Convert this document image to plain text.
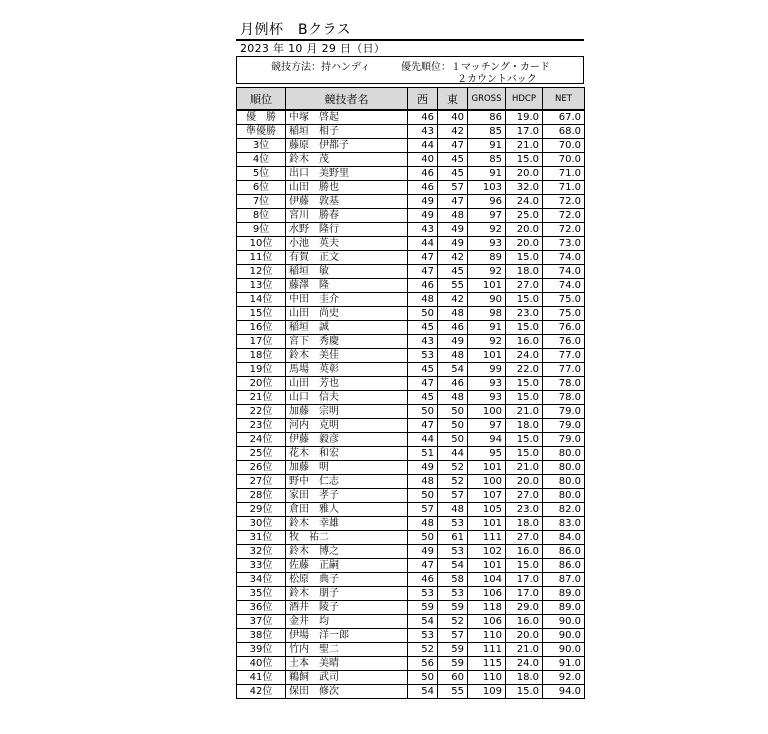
月例杯　Bクラス
2023 年 10 月 29 日（日）
競技方法：持ハンディ	優先順位：１マッチング・カード
２カウントバック
順位	競技者名	西	東	GROSS	HDCP	NET
優　勝	中塚　啓起	46	40	86	19.0	67.0
準優勝	稲垣　相子	43	42	85	17.0	68.0
3位	藤原　伊都子	44	47	91	21.0	70.0
4位	鈴木　茂	40	45	85	15.0	70.0
5位	出口　美野里	46	45	91	20.0	71.0
6位	山田　勝也	46	57	103	32.0	71.0
7位	伊藤　敦基	49	47	96	24.0	72.0
8位	宮川　勝春	49	48	97	25.0	72.0
9位	水野　隆行	43	49	92	20.0	72.0
10位	小池　英夫	44	49	93	20.0	73.0
11位	有賀　正文	47	42	89	15.0	74.0
12位	稲垣　敏	47	45	92	18.0	74.0
13位	藤澤　隆	46	55	101	27.0	74.0
14位	中田　圭介	48	42	90	15.0	75.0
15位	山田　尚史	50	48	98	23.0	75.0
16位	稲垣　誠	45	46	91	15.0	76.0
17位	宮下　秀慶	43	49	92	16.0	76.0
18位	鈴木　美佳	53	48	101	24.0	77.0
19位	馬場　英彰	45	54	99	22.0	77.0
20位	山田　芳也	47	46	93	15.0	78.0
21位	山口　信夫	45	48	93	15.0	78.0
22位	加藤　宗明	50	50	100	21.0	79.0
23位	河内　克明	47	50	97	18.0	79.0
24位	伊藤　毅彦	44	50	94	15.0	79.0
25位	花木　和宏	51	44	95	15.0	80.0
26位	加藤　明	49	52	101	21.0	80.0
27位	野中　仁志	48	52	100	20.0	80.0
28位	家田　孝子	50	57	107	27.0	80.0
29位	倉田　雅人	57	48	105	23.0	82.0
30位	鈴木　幸雄	48	53	101	18.0	83.0
31位	牧　祐二	50	61	111	27.0	84.0
32位	鈴木　博之	49	53	102	16.0	86.0
33位	佐藤　正嗣	47	54	101	15.0	86.0
34位	松原　典子	46	58	104	17.0	87.0
35位	鈴木　朋子	53	53	106	17.0	89.0
36位	酒井　陵子	59	59	118	29.0	89.0
37位	金井　均	54	52	106	16.0	90.0
38位	伊場　洋一郎	53	57	110	20.0	90.0
39位	竹内　聖二	52	59	111	21.0	90.0
40位	土本　美晴	56	59	115	24.0	91.0
41位	鵜飼　武司	50	60	110	18.0	92.0
42位	保田　修次	54	55	109	15.0	94.0
